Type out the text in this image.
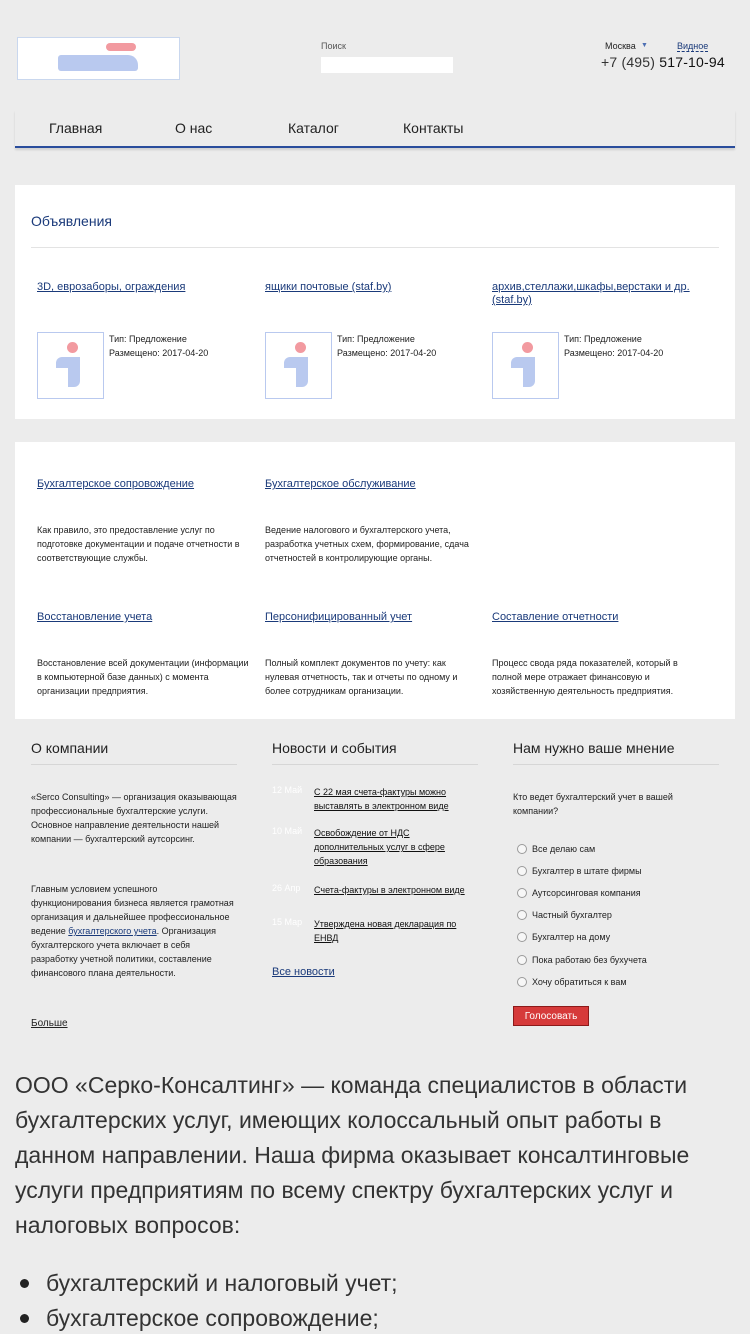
Поиск	Москва ▼	Видное
+7 (495) 517-10-94
Главная	О нас	Каталог	Контакты
Объявления
3D, еврозаборы, ограждения
Тип: Предложение
Размещено: 2017-04-20
ящики почтовые (staf.by)
Тип: Предложение
Размещено: 2017-04-20
архив,стеллажи,шкафы,верстаки и др. (staf.by)
Тип: Предложение
Размещено: 2017-04-20
Бухгалтерское сопровождение
Как правило, это предоставление услуг по подготовке документации и подаче отчетности в соответствующие службы.
Бухгалтерское обслуживание
Ведение налогового и бухгалтерского учета, разработка учетных схем, формирование, сдача отчетностей в контролирующие органы.
Восстановление учета
Восстановление всей документации (информации в компьютерной базе данных) с момента организации предприятия.
Персонифицированный учет
Полный комплект документов по учету: как нулевая отчетность, так и отчеты по одному и более сотрудникам организации.
Составление отчетности
Процесс свода ряда показателей, который в полной мере отражает финансовую и хозяйственную деятельность предприятия.
О компании
«Serco Consulting» — организация оказывающая профессиональные бухгалтерские услуги. Основное направление деятельности нашей компании — бухгалтерский аутсорсинг.
Главным условием успешного функционирования бизнеса является грамотная организация и дальнейшее профессиональное ведение бухгалтерского учета. Организация бухгалтерского учета включает в себя разработку учетной политики, составление финансового плана деятельности.
Больше
Новости и события
12 Май С 22 мая счета-фактуры можно выставлять в электронном виде
10 Май Освобождение от НДС дополнительных услуг в сфере образования
26 Апр Счета-фактуры в электронном виде
15 Мар Утверждена новая декларация по ЕНВД
Все новости
Нам нужно ваше мнение
Кто ведет бухгалтерский учет в вашей компании?
Все делаю сам
Бухгалтер в штате фирмы
Аутсорсинговая компания
Частный бухгалтер
Бухгалтер на дому
Пока работаю без бухучета
Хочу обратиться к вам
Голосовать
ООО «Серко-Консалтинг» — команда специалистов в области бухгалтерских услуг, имеющих колоссальный опыт работы в данном направлении. Наша фирма оказывает консалтинговые услуги предприятиям по всему спектру бухгалтерских услуг и налоговых вопросов:
бухгалтерский и налоговый учет;
бухгалтерское сопровождение;
